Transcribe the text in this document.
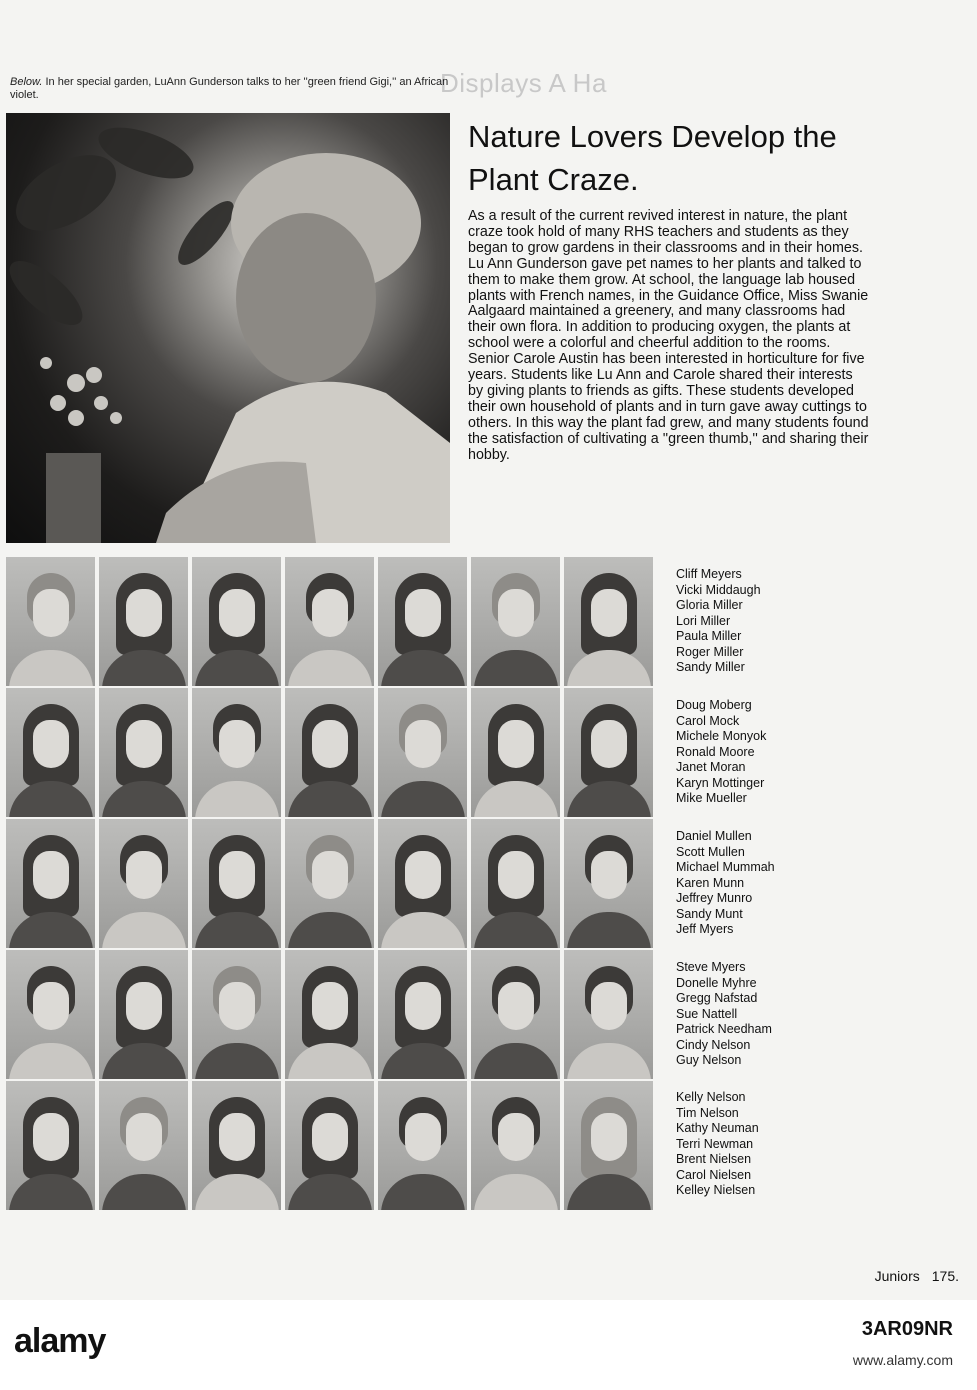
Displays A Ha
Below. In her special garden, LuAnn Gunderson talks to her ''green friend Gigi,'' an African violet.
Nature Lovers Develop the Plant Craze.
As a result of the current revived interest in nature, the plant craze took hold of many RHS teachers and students as they began to grow gardens in their classrooms and in their homes. Lu Ann Gunderson gave pet names to her plants and talked to them to make them grow. At school, the language lab housed plants with French names, in the Guidance Office, Miss Swanie Aalgaard maintained a greenery, and many classrooms had their own flora. In addition to producing oxygen, the plants at school were a colorful and cheerful addition to the rooms. Senior Carole Austin has been interested in horticulture for five years. Students like Lu Ann and Carole shared their interests by giving plants to friends as gifts. These students developed their own household of plants and in turn gave away cuttings to others. In this way the plant fad grew, and many students found the satisfaction of cultivating a ''green thumb,'' and sharing their hobby.
Cliff Meyers
Vicki Middaugh
Gloria Miller
Lori Miller
Paula Miller
Roger Miller
Sandy Miller
Doug Moberg
Carol Mock
Michele Monyok
Ronald Moore
Janet Moran
Karyn Mottinger
Mike Mueller
Daniel Mullen
Scott Mullen
Michael Mummah
Karen Munn
Jeffrey Munro
Sandy Munt
Jeff Myers
Steve Myers
Donelle Myhre
Gregg Nafstad
Sue Nattell
Patrick Needham
Cindy Nelson
Guy Nelson
Kelly Nelson
Tim Nelson
Kathy Neuman
Terri Newman
Brent Nielsen
Carol Nielsen
Kelley Nielsen
Juniors 175.
alamy	3AR09NR
www.alamy.com
